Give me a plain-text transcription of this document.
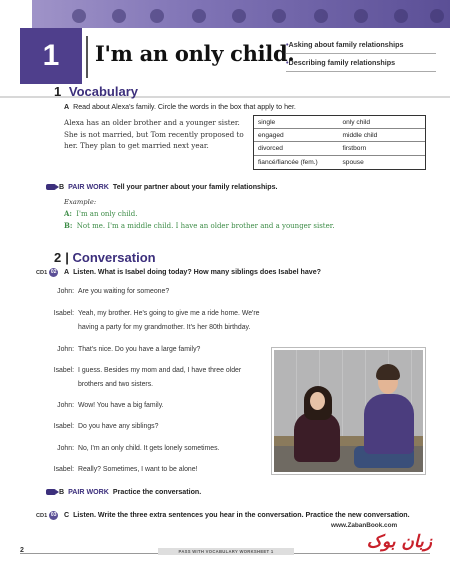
1	I'm an only child.
• Asking about family relationships
• Describing family relationships
1 Vocabulary
A Read about Alexa's family. Circle the words in the box that apply to her.
Alexa has an older brother and a younger sister. She is not married, but Tom recently proposed to her. They plan to get married next year.
single	only child
engaged	middle child
divorced	firstborn
fiancé/fiancée (fem.)	spouse
B PAIR WORK Tell your partner about your family relationships.
Example:
A: I'm an only child.
B: Not me. I'm a middle child. I have an older brother and a younger sister.
2 | Conversation
CD1 02 A Listen. What is Isabel doing today? How many siblings does Isabel have?
John: Are you waiting for someone?
Isabel: Yeah, my brother. He's going to give me a ride home. We're having a party for my grandmother. It's her 80th birthday.
John: That's nice. Do you have a large family?
Isabel: I guess. Besides my mom and dad, I have three older brothers and two sisters.
John: Wow! You have a big family.
Isabel: Do you have any siblings?
John: No, I'm an only child. It gets lonely sometimes.
Isabel: Really? Sometimes, I want to be alone!
B PAIR WORK Practice the conversation.
CD1 03 C Listen. Write the three extra sentences you hear in the conversation. Practice the new conversation.
www.ZabanBook.com
زبان بوک
2	PASS WITH VOCABULARY WORKSHEET 1
